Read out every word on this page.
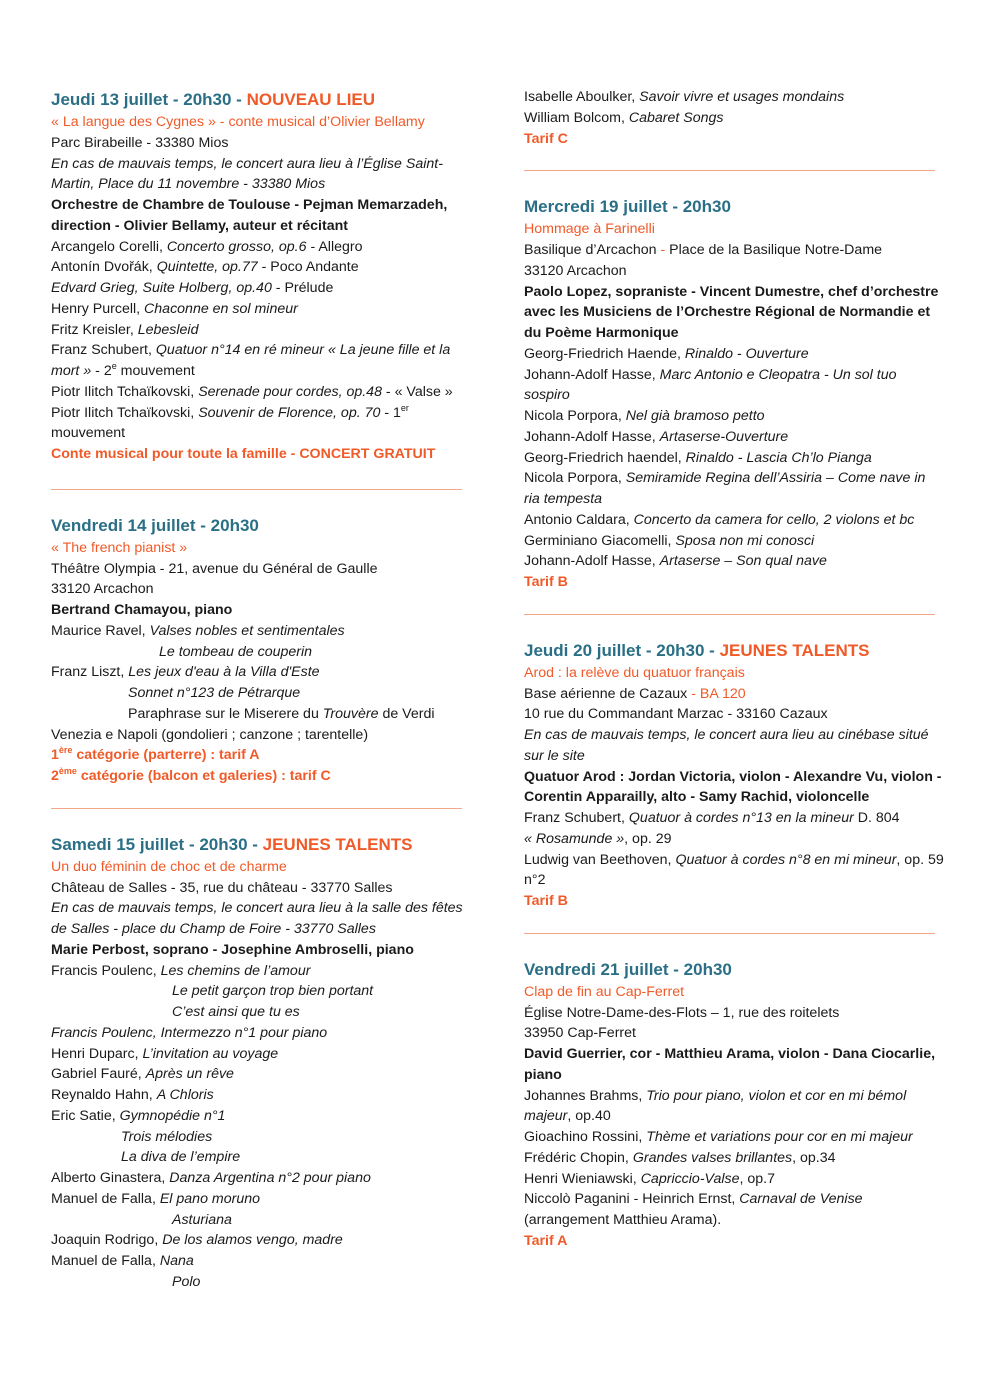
Jeudi 13 juillet - 20h30 - NOUVEAU LIEU
« La langue des Cygnes » - conte musical d’Olivier Bellamy
Parc Birabeille - 33380 Mios
En cas de mauvais temps, le concert aura lieu à l’Église Saint-Martin, Place du 11 novembre - 33380 Mios
Orchestre de Chambre de Toulouse - Pejman Memarzadeh, direction - Olivier Bellamy, auteur et récitant
Arcangelo Corelli, Concerto grosso, op.6 - Allegro
Antonín Dvořák, Quintette, op.77 - Poco Andante
Edvard Grieg, Suite Holberg, op.40 - Prélude
Henry Purcell, Chaconne en sol mineur
Fritz Kreisler, Lebesleid
Franz Schubert, Quatuor n°14 en ré mineur « La jeune fille et la mort » - 2e mouvement
Piotr Ilitch Tchaïkovski, Serenade pour cordes, op.48 - « Valse »
Piotr Ilitch Tchaïkovski, Souvenir de Florence, op. 70 - 1er mouvement
Conte musical pour toute la famille - CONCERT GRATUIT
Vendredi 14 juillet - 20h30
« The french pianist »
Théâtre Olympia - 21, avenue du Général de Gaulle
33120 Arcachon
Bertrand Chamayou, piano
Maurice Ravel, Valses nobles et sentimentales
Le tombeau de couperin
Franz Liszt, Les jeux d'eau à la Villa d'Este
Sonnet n°123 de Pétrarque
Paraphrase sur le Miserere du Trouvère de Verdi
Venezia e Napoli (gondolieri ; canzone ; tarentelle)
1ère catégorie (parterre) : tarif A
2ème catégorie (balcon et galeries) : tarif C
Samedi 15 juillet - 20h30 - JEUNES TALENTS
Un duo féminin de choc et de charme
Château de Salles - 35, rue du château - 33770 Salles
En cas de mauvais temps, le concert aura lieu à la salle des fêtes de Salles - place du Champ de Foire - 33770 Salles
Marie Perbost, soprano - Josephine Ambroselli, piano
Francis Poulenc, Les chemins de l’amour
Le petit garçon trop bien portant
C’est ainsi que tu es
Francis Poulenc, Intermezzo n°1 pour piano
Henri Duparc, L’invitation au voyage
Gabriel Fauré, Après un rêve
Reynaldo Hahn, A Chloris
Eric Satie, Gymnopédie n°1
Trois mélodies
La diva de l’empire
Alberto Ginastera, Danza Argentina n°2 pour piano
Manuel de Falla, El pano moruno
Asturiana
Joaquin Rodrigo, De los alamos vengo, madre
Manuel de Falla, Nana
Polo
Isabelle Aboulker, Savoir vivre et usages mondains
William Bolcom, Cabaret Songs
Tarif C
Mercredi 19 juillet - 20h30
Hommage à Farinelli
Basilique d’Arcachon - Place de la Basilique Notre-Dame
33120 Arcachon
Paolo Lopez, sopraniste - Vincent Dumestre, chef d’orchestre avec les Musiciens de l’Orchestre Régional de Normandie et du Poème Harmonique
Georg-Friedrich Haende, Rinaldo - Ouverture
Johann-Adolf Hasse, Marc Antonio e Cleopatra - Un sol tuo sospiro
Nicola Porpora, Nel già bramoso petto
Johann-Adolf Hasse, Artaserse-Ouverture
Georg-Friedrich haendel, Rinaldo - Lascia Ch’lo Pianga
Nicola Porpora, Semiramide Regina dell’Assiria – Come nave in ria tempesta
Antonio Caldara, Concerto da camera for cello, 2 violons et bc
Germiniano Giacomelli, Sposa non mi conosci
Johann-Adolf Hasse, Artaserse – Son qual nave
Tarif B
Jeudi 20 juillet - 20h30 - JEUNES TALENTS
Arod : la relève du quatuor français
Base aérienne de Cazaux - BA 120
10 rue du Commandant Marzac - 33160 Cazaux
En cas de mauvais temps, le concert aura lieu au cinébase situé sur le site
Quatuor Arod : Jordan Victoria, violon - Alexandre Vu, violon - Corentin Apparailly, alto - Samy Rachid, violoncelle
Franz Schubert, Quatuor à cordes n°13 en la mineur D. 804
« Rosamunde », op. 29
Ludwig van Beethoven, Quatuor à cordes n°8 en mi mineur, op. 59 n°2
Tarif B
Vendredi 21 juillet - 20h30
Clap de fin au Cap-Ferret
Église Notre-Dame-des-Flots – 1, rue des roitelets
33950 Cap-Ferret
David Guerrier, cor - Matthieu Arama, violon - Dana Ciocarlie, piano
Johannes Brahms, Trio pour piano, violon et cor en mi bémol majeur, op.40
Gioachino Rossini, Thème et variations pour cor en mi majeur
Frédéric Chopin, Grandes valses brillantes, op.34
Henri Wieniawski, Capriccio-Valse, op.7
Niccolò Paganini - Heinrich Ernst, Carnaval de Venise (arrangement Matthieu Arama).
Tarif A
